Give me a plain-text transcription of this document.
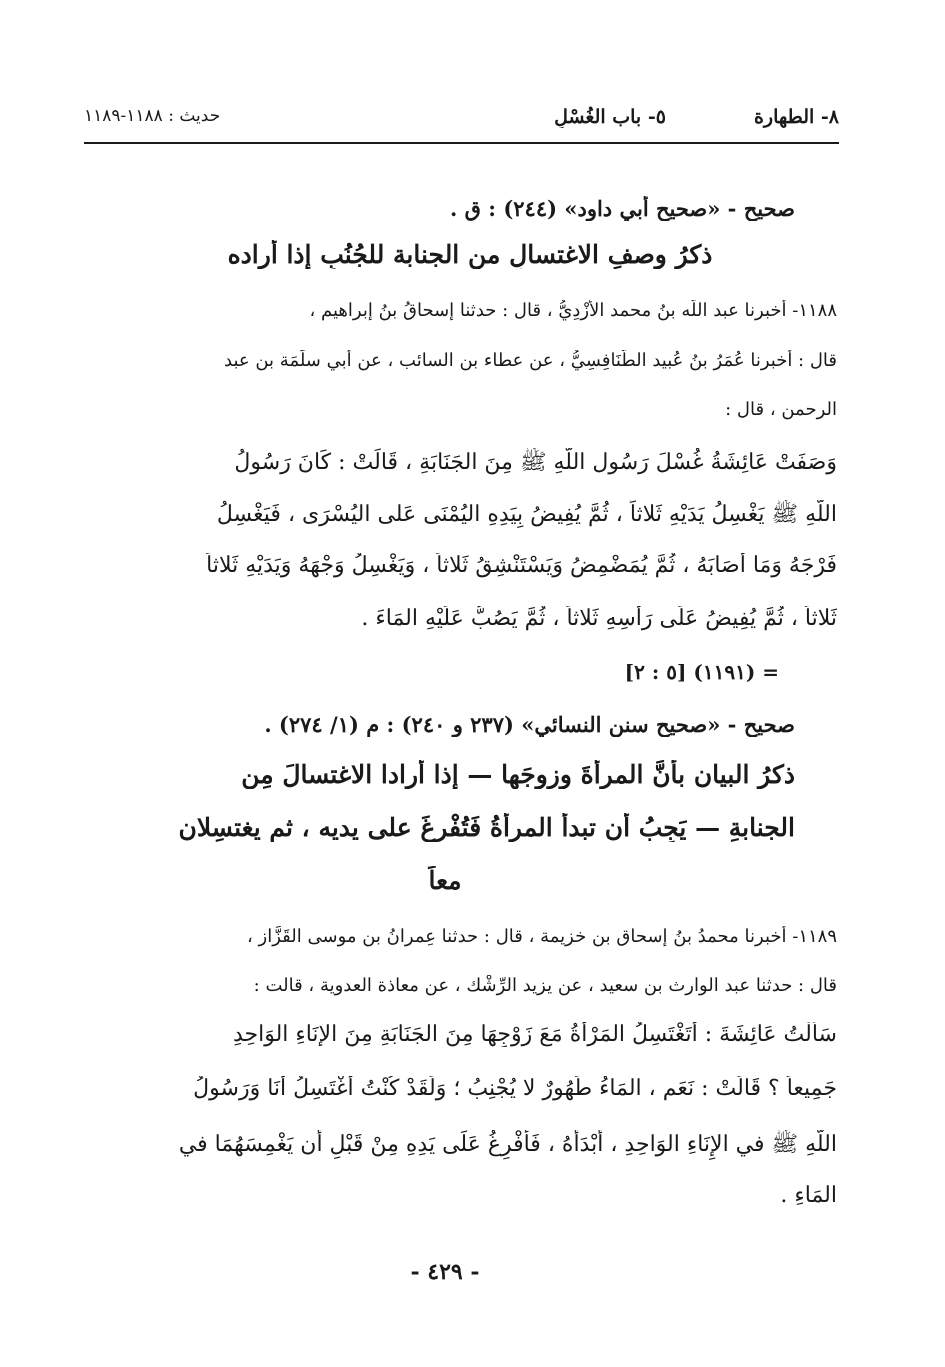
٨- الطهارة
٥- باب الغُسْلِ
حديث : ١١٨٨-١١٨٩
صحيح - «صحيح أبي داود» (٢٤٤) : ق .
ذكرُ وصفِ الاغتسالِ من الجنابة للجُنُبِ إذا أراده
١١٨٨- أخبرنا عبد اللّه بنُ محمد الأزْدِيُّ ، قال : حدثنا إسحاقُ بنُ إبراهيم ،
قال : أخبرنا عُمَرُ بنُ عُبيد الطَّنَافِسِيُّ ، عن عطاء بن السائب ، عن أبي سلَمَة بن عبد
الرحمن ، قال :
وَصَفَتْ عَائِشَةُ غُسْلَ رَسُول اللّهِ ﷺ مِنَ الجَنَابَةِ ، قَالَتْ : كَانَ رَسُولُ
اللّهِ ﷺ يَغْسِلُ يَدَيْهِ ثَلاثاً ، ثُمَّ يُفِيضُ بِيَدِهِ اليُمْنَى عَلى اليُسْرَى ، فَيَغْسِلُ
فَرْجَهُ وَمَا أَصَابَهُ ، ثُمَّ يُمَضْمِضُ وَيَسْتَنْشِقُ ثَلاثاً ، وَيَغْسِلُ وَجْهَهُ وَيَدَيْهِ ثَلاثاً
ثَلاثاً ، ثُمَّ يُفِيضُ عَلَى رَأسِهِ ثَلاثاً ، ثُمَّ يَصُبُّ عَلَيْهِ المَاءَ .
= (١١٩١) [٥ : ٢]
صحيح - «صحيح سنن النسائي» (٢٣٧ و ٢٤٠) : م (١/ ٢٧٤) .
ذكرُ البيان بأنَّ المرأةَ وزوجَها — إذا أرادا الاغتسالَ مِن
الجنابةِ — يَجِبُ أن تبدأ المرأةُ فَتُفْرِغَ على يديه ، ثم يغتسِلان
معاً
١١٨٩- أخبرنا محمدُ بنُ إسحاق بن خزيمة ، قال : حدثنا عِمرانُ بن موسى القَزَّاز ،
قال : حدثنا عبد الوارث بن سعيد ، عن يزيد الرِّشْك ، عن معاذة العدوية ، قالت :
سَأَلْتُ عَائِشَةَ : أَتَغْتَسِلُ المَرْأَةُ مَعَ زَوْجِهَا مِنَ الجَنَابَةِ مِنَ الإِنَاءِ الوَاحِدِ
جَمِيعاً ؟ قَالَتْ : نَعَم ، المَاءُ طَهُورٌ لا يُجْنِبُ ؛ وَلَقَدْ كُنْتُ أَغْتَسِلُ أَنَا وَرَسُولُ
اللّهِ ﷺ في الإِنَاءِ الوَاحِدِ ، أَبْدَأُهُ ، فَأُفْرِغُ عَلَى يَدِهِ مِنْ قَبْلِ أن يَغْمِسَهُمَا في
المَاءِ .
- ٤٢٩ -
